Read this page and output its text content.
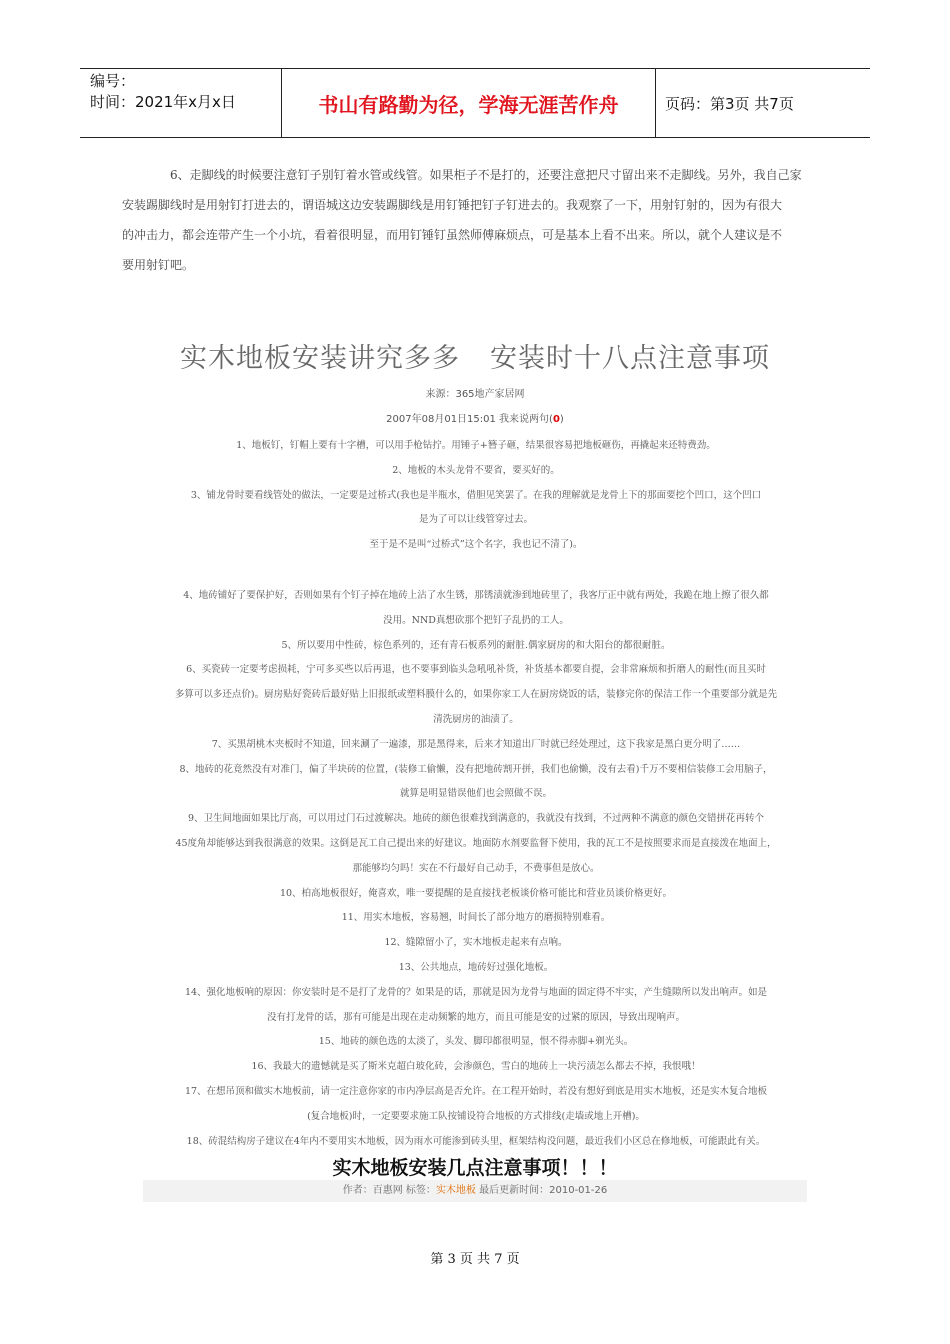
编号：
时间：2021年x月x日	书山有路勤为径，学海无涯苦作舟	页码：第3页 共7页

6、走脚线的时候要注意钉子别钉着水管或线管。如果柜子不是打的，还要注意把尺寸留出来不走脚线。另外，我自己家
安装踢脚线时是用射钉打进去的，谓语城这边安装踢脚线是用钉锤把钉子钉进去的。我观察了一下，用射钉射的，因为有很大
的冲击力，都会连带产生一个小坑，看着很明显，而用钉锤钉虽然师傅麻烦点，可是基本上看不出来。所以，就个人建议是不
要用射钉吧。

实木地板安装讲究多多 安装时十八点注意事项
来源：365地产家居网
2007年08月01日15:01 我来说两句(0)

1、地板钉，钉帽上要有十字槽，可以用手枪钻拧。用锤子+簪子砸，结果很容易把地板砸伤，再撬起来还特费劲。

2、地板的木头龙骨不要省，要买好的。

3、铺龙骨时要看线管处的做法，一定要是过桥式(我也是半瓶水，借胆见笑罢了。在我的理解就是龙骨上下的那面要挖个凹口，这个凹口
是为了可以让线管穿过去。
至于是不是叫“过桥式”这个名字，我也记不清了)。

4、地砖铺好了要保护好，否则如果有个钉子掉在地砖上沾了水生锈，那锈渍就渗到地砖里了，我客厅正中就有两处，我跪在地上擦了很久都
没用。NND真想砍那个把钉子乱扔的工人。

5、所以要用中性砖，棕色系列的，还有青石板系列的耐脏.偶家厨房的和大阳台的都很耐脏。

6、买瓷砖一定要考虑损耗，宁可多买些以后再退，也不要事到临头急吼吼补货，补货基本都要自提，会非常麻烦和折磨人的耐性(而且买时
多算可以多还点价)。厨房贴好瓷砖后最好贴上旧报纸或塑料膜什么的，如果你家工人在厨房烧饭的话，装修完你的保洁工作一个重要部分就是先
清洗厨房的油渍了。

7、买黑胡桃木夹板时不知道，回来涮了一遍漆，那是黑得来，后来才知道出厂时就已经处理过，这下我家是黑白更分明了……

8、地砖的花竟然没有对准门，偏了半块砖的位置，(装修工偷懒，没有把地砖割开拼，我们也偷懒，没有去看)千万不要相信装修工会用脑子，
就算是明显错误他们也会照做不误。

9、卫生间地面如果比厅高，可以用过门石过渡解决。地砖的颜色很难找到满意的，我就没有找到，不过两种不满意的颜色交错拼花再转个
45度角却能够达到我很满意的效果。这倒是瓦工自己提出来的好建议。地面防水剂要监督下使用，我的瓦工不是按照要求而是直接泼在地面上，
那能够均匀吗！实在不行最好自己动手，不费事但是放心。

10、柏高地板很好，俺喜欢，唯一要提醒的是直接找老板谈价格可能比和营业员谈价格更好。

11、用实木地板，容易翘，时间长了部分地方的磨损特别难看。

12、缝隙留小了，实木地板走起来有点响。

13、公共地点，地砖好过强化地板。

14、强化地板响的原因：你安装时是不是打了龙骨的？如果是的话，那就是因为龙骨与地面的固定得不牢实，产生缝隙所以发出响声。如是
没有打龙骨的话，那有可能是出现在走动频繁的地方，而且可能是安的过紧的原因，导致出现响声。

15、地砖的颜色选的太淡了，头发、脚印都很明显，恨不得赤脚+剃光头。

16、我最大的遗憾就是买了斯米克超白玻化砖，会渗颜色，雪白的地砖上一块污渍怎么都去不掉，我恨哦！

17、在想吊顶和做实木地板前，请一定注意你家的市内净层高是否允许。在工程开始时，若没有想好到底是用实木地板，还是实木复合地板
(复合地板)时，一定要要求施工队按铺设符合地板的方式排线(走墙或地上开槽)。

18、砖混结构房子建议在4年内不要用实木地板，因为雨水可能渗到砖头里，框架结构没问题，最近我们小区总在修地板，可能跟此有关。

实木地板安装几点注意事项！！！
作者：百惠网 标签：实木地板 最后更新时间：2010-01-26
第 3 页 共 7 页
